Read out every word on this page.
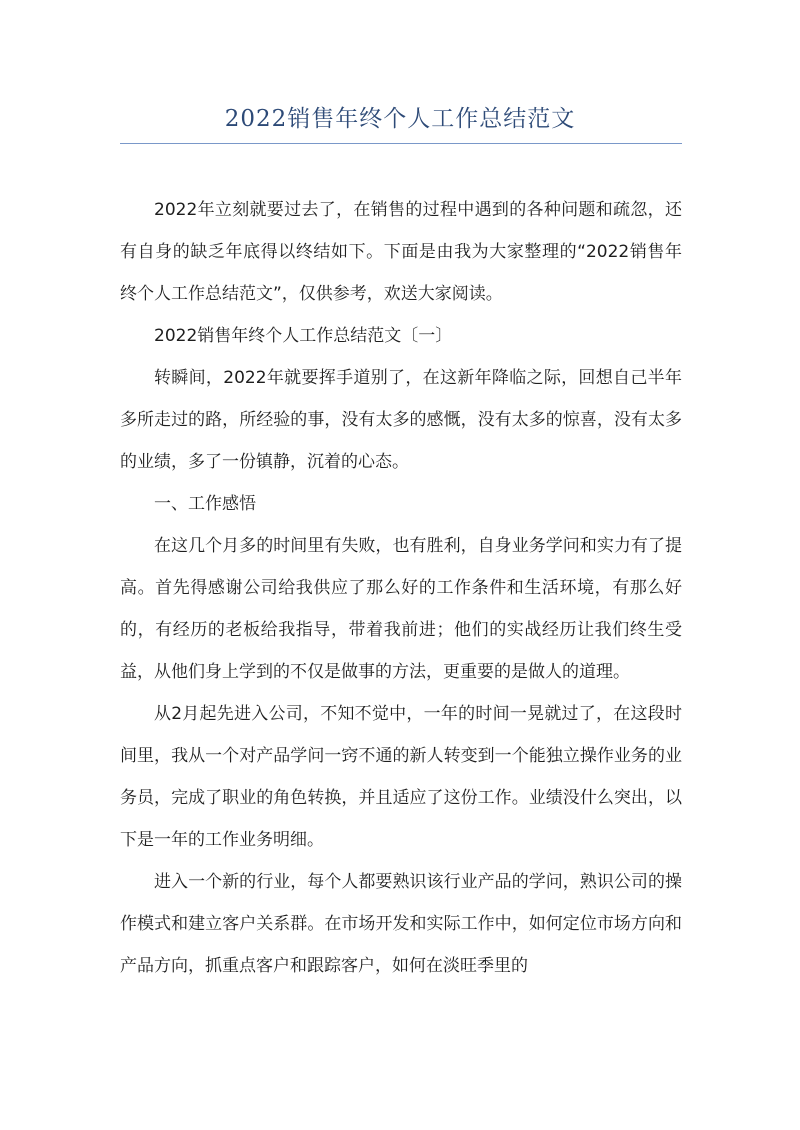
2022销售年终个人工作总结范文

2022年立刻就要过去了，在销售的过程中遇到的各种问题和疏忽，还有自身的缺乏年底得以终结如下。下面是由我为大家整理的“2022销售年终个人工作总结范文”，仅供参考，欢送大家阅读。

2022销售年终个人工作总结范文〔一〕

转瞬间，2022年就要挥手道别了，在这新年降临之际，回想自己半年多所走过的路，所经验的事，没有太多的感慨，没有太多的惊喜，没有太多的业绩，多了一份镇静，沉着的心态。

一、工作感悟

在这几个月多的时间里有失败，也有胜利，自身业务学问和实力有了提高。首先得感谢公司给我供应了那么好的工作条件和生活环境，有那么好的，有经历的老板给我指导，带着我前进；他们的实战经历让我们终生受益，从他们身上学到的不仅是做事的方法，更重要的是做人的道理。

从2月起先进入公司，不知不觉中，一年的时间一晃就过了，在这段时间里，我从一个对产品学问一窍不通的新人转变到一个能独立操作业务的业务员，完成了职业的角色转换，并且适应了这份工作。业绩没什么突出，以下是一年的工作业务明细。

进入一个新的行业，每个人都要熟识该行业产品的学问，熟识公司的操作模式和建立客户关系群。在市场开发和实际工作中，如何定位市场方向和产品方向，抓重点客户和跟踪客户，如何在淡旺季里的
